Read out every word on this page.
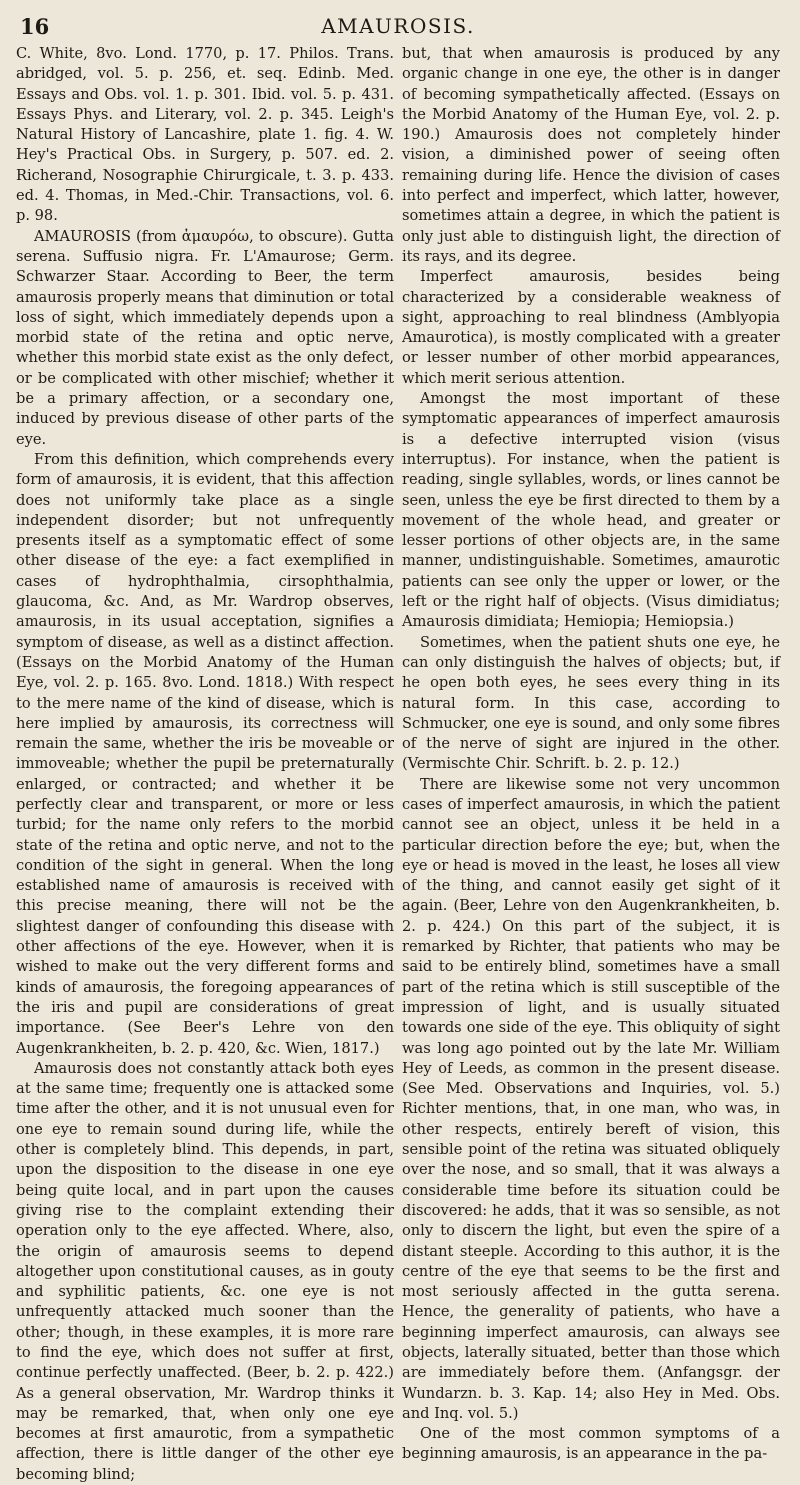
16	AMAUROSIS.

C. White, 8vo. Lond. 1770, p. 17. Philos. Trans. abridged, vol. 5. p. 256, et. seq. Edinb. Med. Essays and Obs. vol. 1. p. 301. Ibid. vol. 5. p. 431. Essays Phys. and Literary, vol. 2. p. 345. Leigh's Natural History of Lancashire, plate 1. fig. 4. W. Hey's Practical Obs. in Surgery, p. 507. ed. 2. Richerand, Nosographie Chirurgicale, t. 3. p. 433. ed. 4. Thomas, in Med.-Chir. Transactions, vol. 6. p. 98.

AMAUROSIS (from ἀμαυρόω, to obscure). Gutta serena. Suffusio nigra. Fr. L'Amaurose; Germ. Schwarzer Staar. According to Beer, the term amaurosis properly means that diminution or total loss of sight, which immediately depends upon a morbid state of the retina and optic nerve, whether this morbid state exist as the only defect, or be complicated with other mischief; whether it be a primary affection, or a secondary one, induced by previous disease of other parts of the eye.

From this definition, which comprehends every form of amaurosis, it is evident, that this affection does not uniformly take place as a single independent disorder; but not unfrequently presents itself as a symptomatic effect of some other disease of the eye: a fact exemplified in cases of hydrophthalmia, cirsophthalmia, glaucoma, &c. And, as Mr. Wardrop observes, amaurosis, in its usual acceptation, signifies a symptom of disease, as well as a distinct affection. (Essays on the Morbid Anatomy of the Human Eye, vol. 2. p. 165. 8vo. Lond. 1818.) With respect to the mere name of the kind of disease, which is here implied by amaurosis, its correctness will remain the same, whether the iris be moveable or immoveable; whether the pupil be preternaturally enlarged, or contracted; and whether it be perfectly clear and transparent, or more or less turbid; for the name only refers to the morbid state of the retina and optic nerve, and not to the condition of the sight in general. When the long established name of amaurosis is received with this precise meaning, there will not be the slightest danger of confounding this disease with other affections of the eye. However, when it is wished to make out the very different forms and kinds of amaurosis, the foregoing appearances of the iris and pupil are considerations of great importance. (See Beer's Lehre von den Augenkrankheiten, b. 2. p. 420, &c. Wien, 1817.)

Amaurosis does not constantly attack both eyes at the same time; frequently one is attacked some time after the other, and it is not unusual even for one eye to remain sound during life, while the other is completely blind. This depends, in part, upon the disposition to the disease in one eye being quite local, and in part upon the causes giving rise to the complaint extending their operation only to the eye affected. Where, also, the origin of amaurosis seems to depend altogether upon constitutional causes, as in gouty and syphilitic patients, &c. one eye is not unfrequently attacked much sooner than the other; though, in these examples, it is more rare to find the eye, which does not suffer at first, continue perfectly unaffected. (Beer, b. 2. p. 422.) As a general observation, Mr. Wardrop thinks it may be remarked, that, when only one eye becomes at first amaurotic, from a sympathetic affection, there is little danger of the other eye becoming blind;

but, that when amaurosis is produced by any organic change in one eye, the other is in danger of becoming sympathetically affected. (Essays on the Morbid Anatomy of the Human Eye, vol. 2. p. 190.) Amaurosis does not completely hinder vision, a diminished power of seeing often remaining during life. Hence the division of cases into perfect and imperfect, which latter, however, sometimes attain a degree, in which the patient is only just able to distinguish light, the direction of its rays, and its degree.

Imperfect amaurosis, besides being characterized by a considerable weakness of sight, approaching to real blindness (Amblyopia Amaurotica), is mostly complicated with a greater or lesser number of other morbid appearances, which merit serious attention.

Amongst the most important of these symptomatic appearances of imperfect amaurosis is a defective interrupted vision (visus interruptus). For instance, when the patient is reading, single syllables, words, or lines cannot be seen, unless the eye be first directed to them by a movement of the whole head, and greater or lesser portions of other objects are, in the same manner, undistinguishable. Sometimes, amaurotic patients can see only the upper or lower, or the left or the right half of objects. (Visus dimidiatus; Amaurosis dimidiata; Hemiopia; Hemiopsia.)

Sometimes, when the patient shuts one eye, he can only distinguish the halves of objects; but, if he open both eyes, he sees every thing in its natural form. In this case, according to Schmucker, one eye is sound, and only some fibres of the nerve of sight are injured in the other. (Vermischte Chir. Schrift. b. 2. p. 12.)

There are likewise some not very uncommon cases of imperfect amaurosis, in which the patient cannot see an object, unless it be held in a particular direction before the eye; but, when the eye or head is moved in the least, he loses all view of the thing, and cannot easily get sight of it again. (Beer, Lehre von den Augenkrankheiten, b. 2. p. 424.) On this part of the subject, it is remarked by Richter, that patients who may be said to be entirely blind, sometimes have a small part of the retina which is still susceptible of the impression of light, and is usually situated towards one side of the eye. This obliquity of sight was long ago pointed out by the late Mr. William Hey of Leeds, as common in the present disease. (See Med. Observations and Inquiries, vol. 5.) Richter mentions, that, in one man, who was, in other respects, entirely bereft of vision, this sensible point of the retina was situated obliquely over the nose, and so small, that it was always a considerable time before its situation could be discovered: he adds, that it was so sensible, as not only to discern the light, but even the spire of a distant steeple. According to this author, it is the centre of the eye that seems to be the first and most seriously affected in the gutta serena. Hence, the generality of patients, who have a beginning imperfect amaurosis, can always see objects, laterally situated, better than those which are immediately before them. (Anfangsgr. der Wundarzn. b. 3. Kap. 14; also Hey in Med. Obs. and Inq. vol. 5.)

One of the most common symptoms of a beginning amaurosis, is an appearance in the pa-
